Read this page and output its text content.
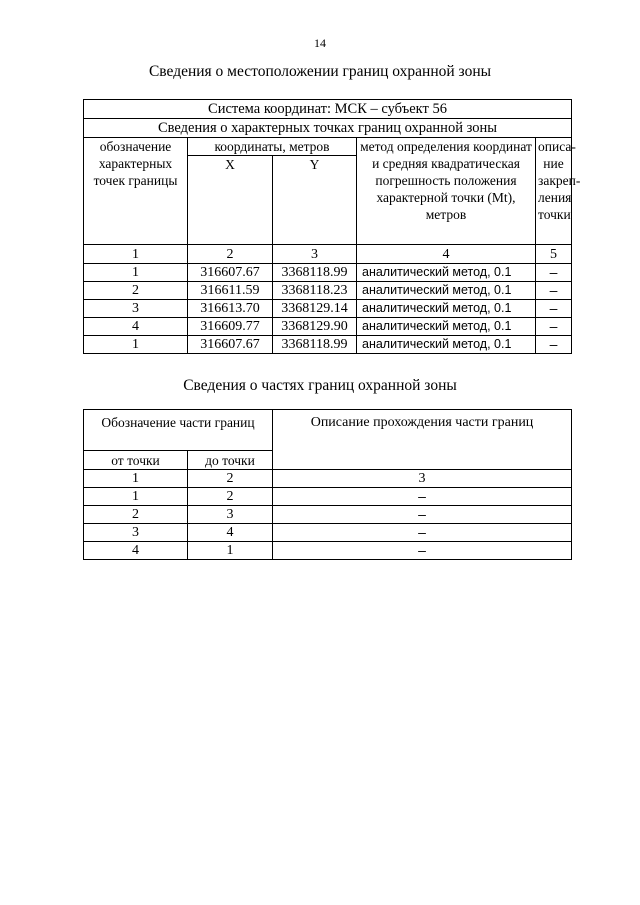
14
Сведения о местоположении границ охранной зоны
Система координат: МСК – субъект 56				
Сведения о характерных точках границ охранной зоны				
обозначение характерных точек границы	координаты, метров		метод определения координат и средняя квадратическая погрешность положения характерной точки (Mt), метров	описа-ние закреп-ления точки
	X	Y		
1	2	3	4	5
1	316607.67	3368118.99	аналитический метод, 0.1	–
2	316611.59	3368118.23	аналитический метод, 0.1	–
3	316613.70	3368129.14	аналитический метод, 0.1	–
4	316609.77	3368129.90	аналитический метод, 0.1	–
1	316607.67	3368118.99	аналитический метод, 0.1	–
Сведения о частях границ охранной зоны
Обозначение части границ		Описание прохождения части границ
от точки	до точки	
1	2	3
1	2	–
2	3	–
3	4	–
4	1	–
